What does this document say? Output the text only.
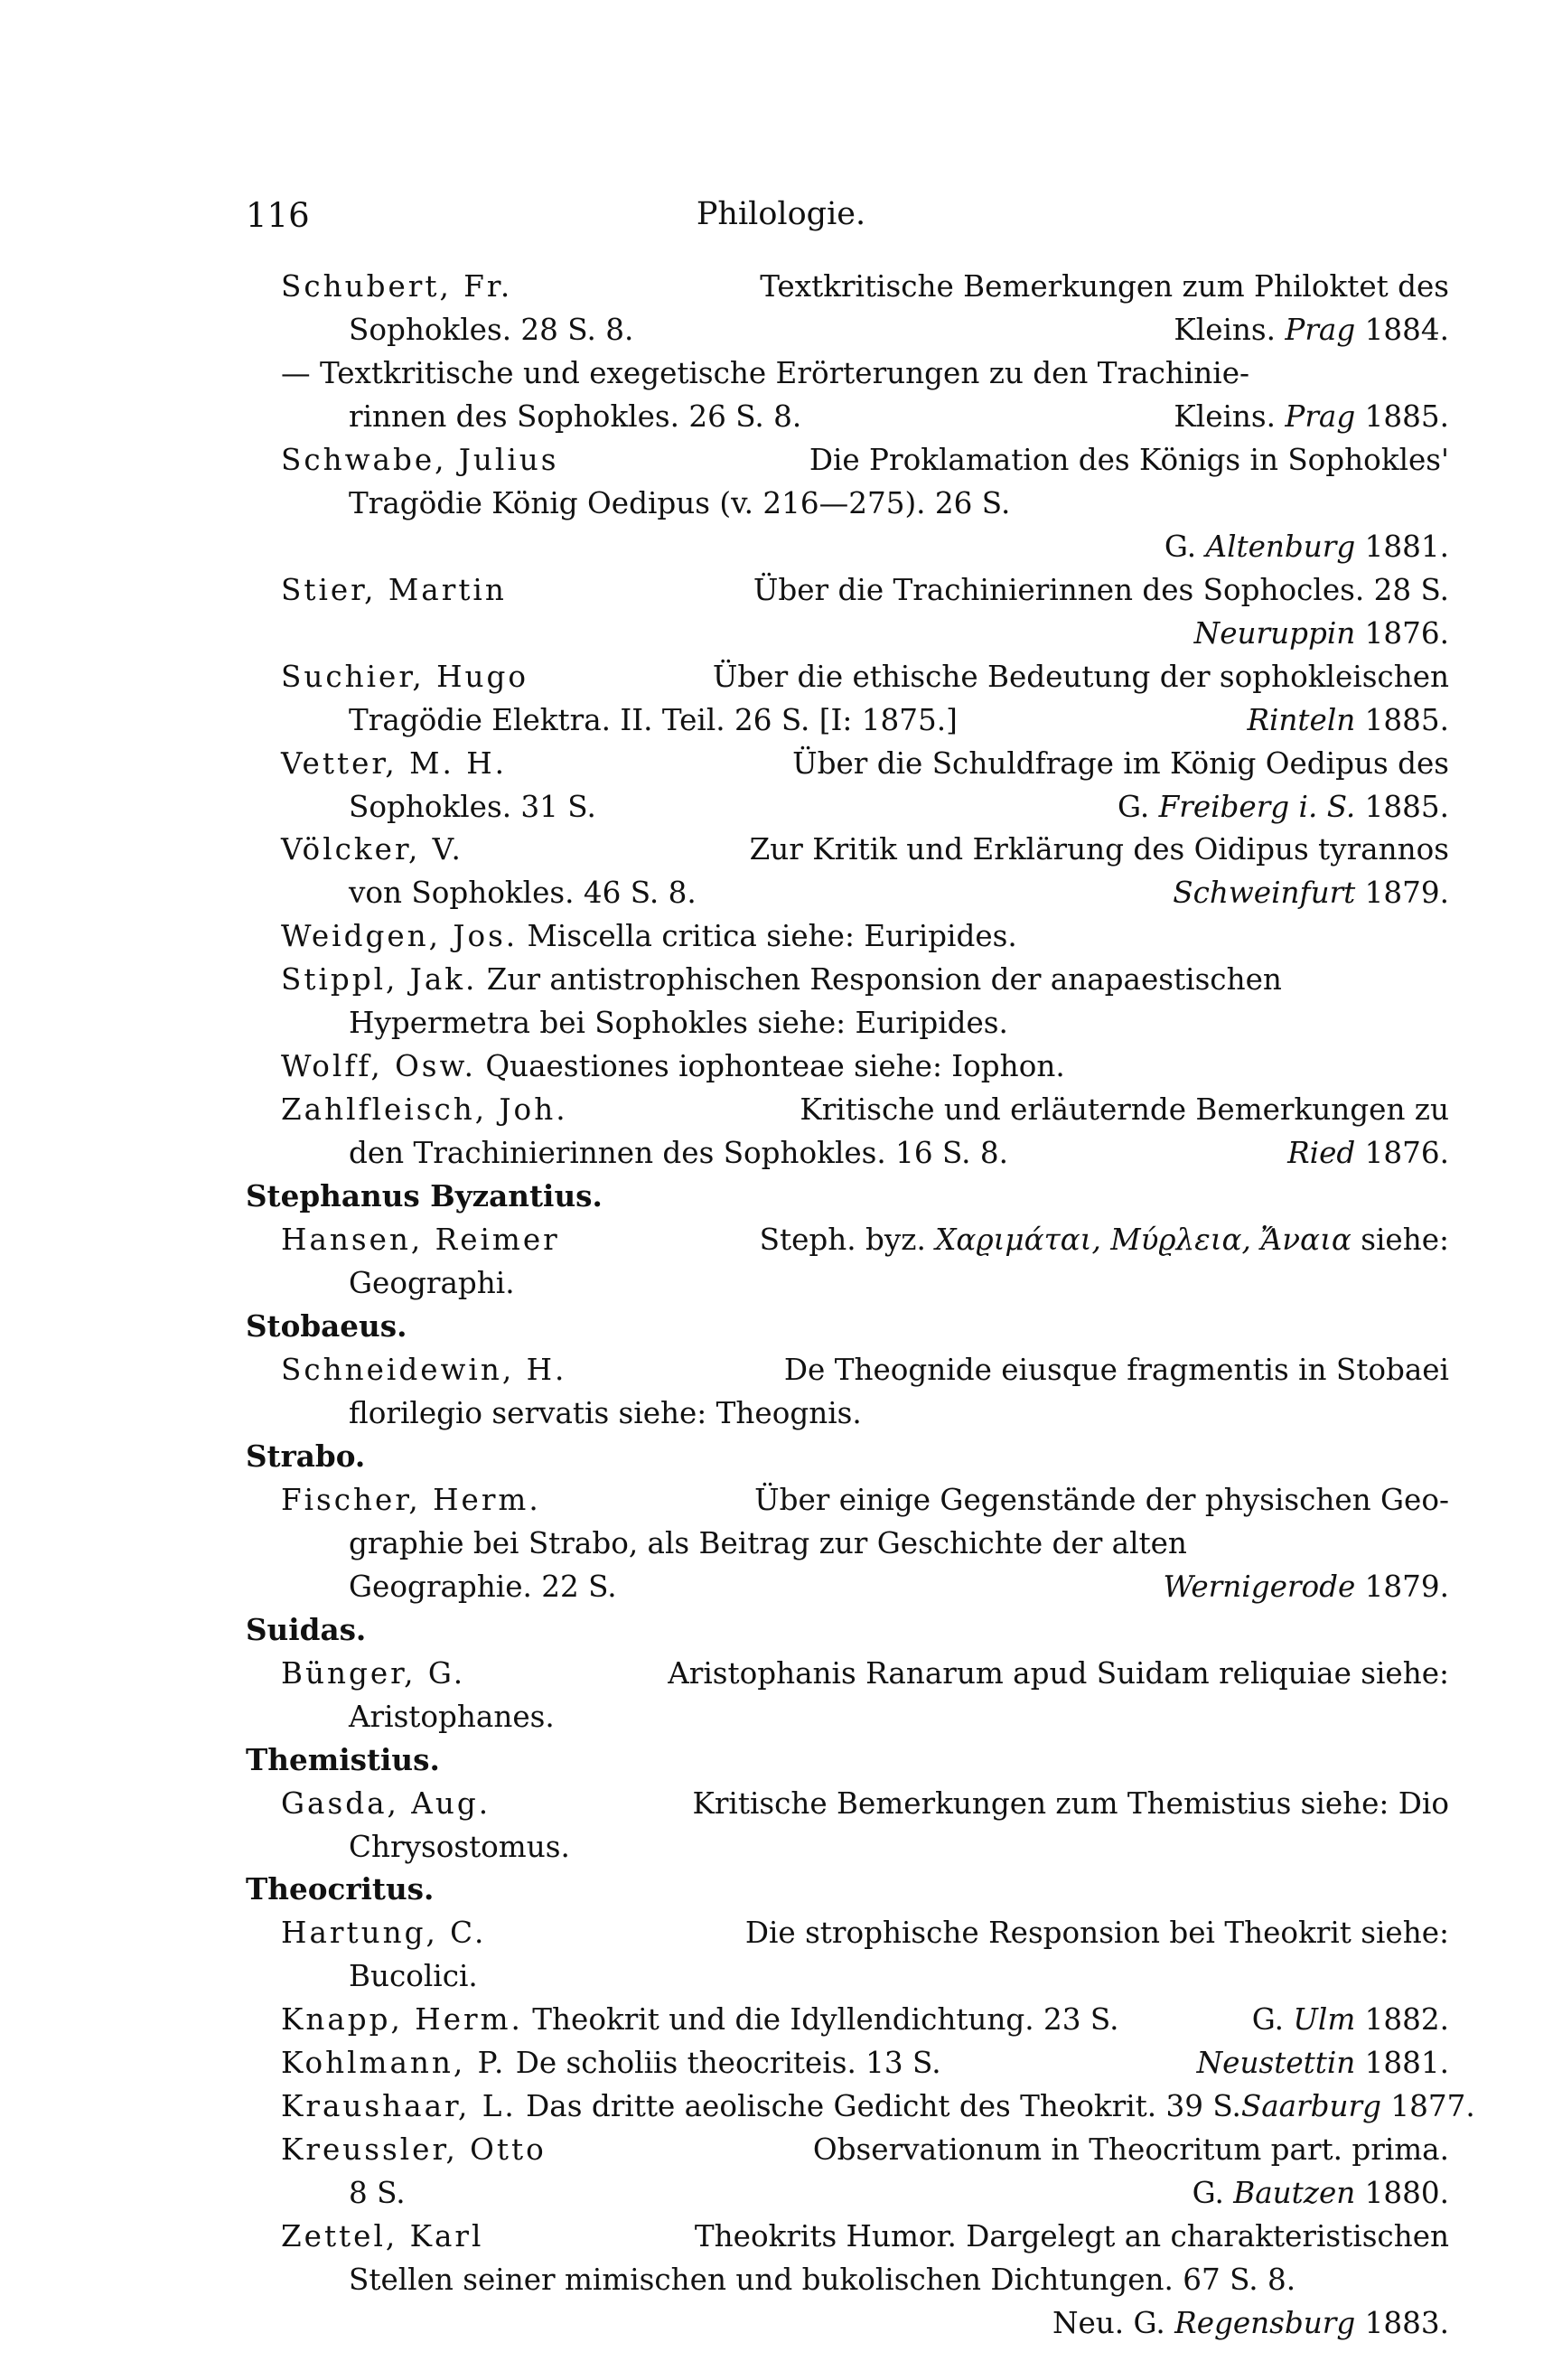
116	Philologie.
Schubert, Fr.	Textkritische Bemerkungen zum Philoktet des
Sophokles. 28 S. 8.	Kleins. Prag 1884.
— Textkritische und exegetische Erörterungen zu den Trachinie-
rinnen des Sophokles. 26 S. 8.	Kleins. Prag 1885.
Schwabe, Julius	Die Proklamation des Königs in Sophokles'
Tragödie König Oedipus (v. 216—275). 26 S.
G. Altenburg 1881.
Stier, Martin	Über die Trachinierinnen des Sophocles. 28 S.
Neuruppin 1876.
Suchier, Hugo	Über die ethische Bedeutung der sophokleischen
Tragödie Elektra. II. Teil. 26 S. [I: 1875.]	Rinteln 1885.
Vetter, M. H.	Über die Schuldfrage im König Oedipus des
Sophokles. 31 S.	G. Freiberg i. S. 1885.
Völcker, V.	Zur Kritik und Erklärung des Oidipus tyrannos
von Sophokles. 46 S. 8.	Schweinfurt 1879.
Weidgen, Jos. Miscella critica siehe: Euripides.
Stippl, Jak. Zur antistrophischen Responsion der anapaestischen
Hypermetra bei Sophokles siehe: Euripides.
Wolff, Osw. Quaestiones iophonteae siehe: Iophon.
Zahlfleisch, Joh.	Kritische und erläuternde Bemerkungen zu
den Trachinierinnen des Sophokles. 16 S. 8.	Ried 1876.
Stephanus Byzantius.
Hansen, Reimer	Steph. byz. Χαϱιμάται, Μύϱλεια, Ἄναια siehe:
Geographi.
Stobaeus.
Schneidewin, H.	De Theognide eiusque fragmentis in Stobaei
florilegio servatis siehe: Theognis.
Strabo.
Fischer, Herm.	Über einige Gegenstände der physischen Geo-
graphie bei Strabo, als Beitrag zur Geschichte der alten
Geographie. 22 S.	Wernigerode 1879.
Suidas.
Bünger, G.	Aristophanis Ranarum apud Suidam reliquiae siehe:
Aristophanes.
Themistius.
Gasda, Aug.	Kritische Bemerkungen zum Themistius siehe: Dio
Chrysostomus.
Theocritus.
Hartung, C.	Die strophische Responsion bei Theokrit siehe:
Bucolici.
Knapp, Herm. Theokrit und die Idyllendichtung. 23 S.	G. Ulm 1882.
Kohlmann, P. De scholiis theocriteis. 13 S.	Neustettin 1881.
Kraushaar, L. Das dritte aeolische Gedicht des Theokrit. 39 S. Saarburg 1877.
Kreussler, Otto	Observationum in Theocritum part. prima.
8 S.	G. Bautzen 1880.
Zettel, Karl	Theokrits Humor. Dargelegt an charakteristischen
Stellen seiner mimischen und bukolischen Dichtungen. 67 S. 8.
Neu. G. Regensburg 1883.
